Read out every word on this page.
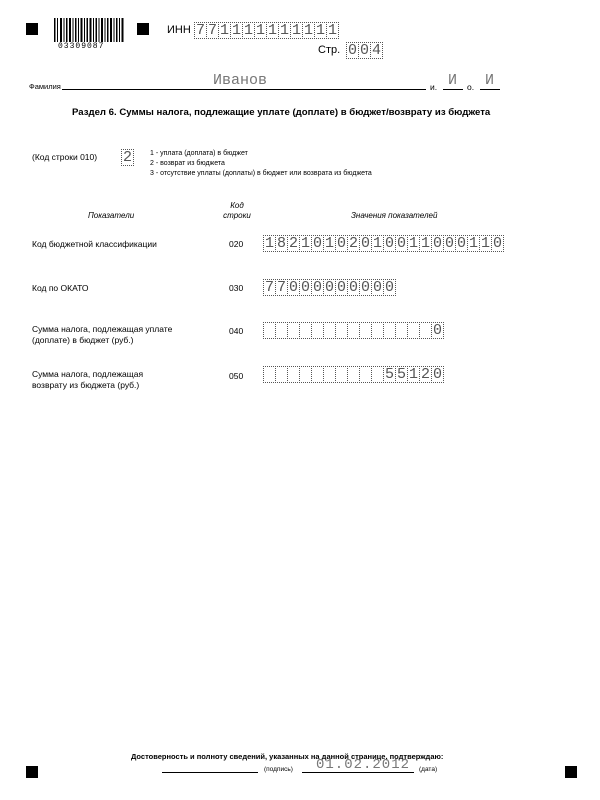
03309087
ИНН 7 7 1 1 1 1 1 1 1 1 1 1
Стр. 0 0 4
Фамилия	Иванов	и. И о. И
Раздел 6. Суммы налога, подлежащие уплате (доплате) в бюджет/возврату из бюджета
(Код строки 010) 2	1 - уплата (доплата) в бюджет
2 - возврат из бюджета
3 - отсутствие уплаты (доплаты) в бюджет или возврата из бюджета
Показатели
Код
строки	Значения показателей
Код бюджетной классификации	020 1 8 2 1 0 1 0 2 0 1 0 0 1 1 0 0 0 1 1 0
Код по ОКАТО	030 7 7 0 0 0 0 0 0 0 0 0
Сумма налога, подлежащая уплате
(доплате) в бюджет (руб.)
040	0
Сумма налога, подлежащая
возврату из бюджета (руб.)
050	5 5 1 2 0
Достоверность и полноту сведений, указанных на данной странице, подтверждаю:
(подпись) 01.02.2012 (дата)
